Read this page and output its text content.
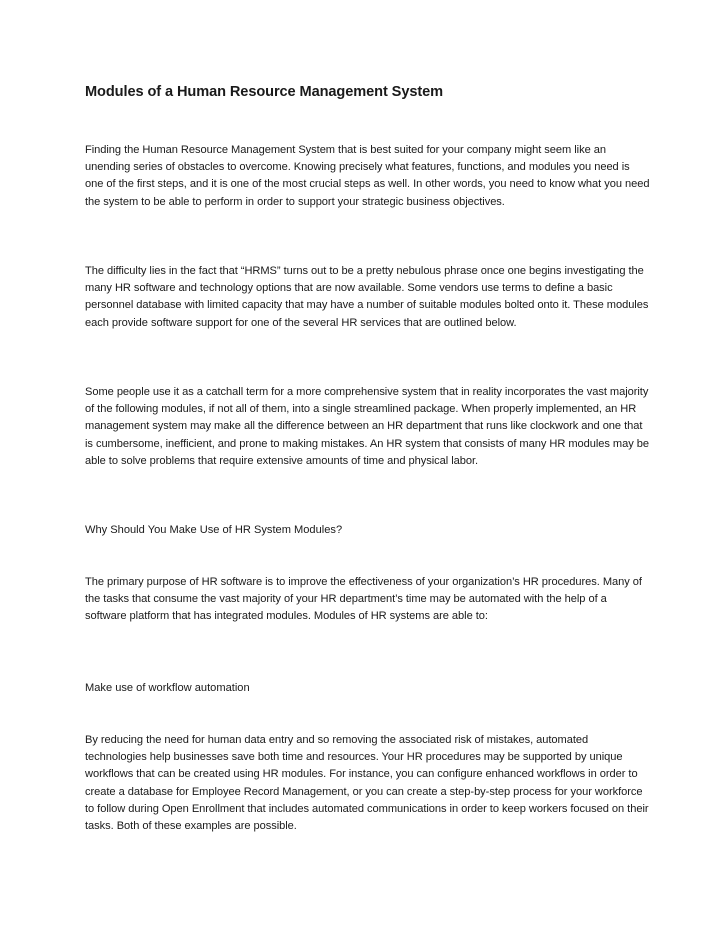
Modules of a Human Resource Management System

Finding the Human Resource Management System that is best suited for your company might seem like an unending series of obstacles to overcome. Knowing precisely what features, functions, and modules you need is one of the first steps, and it is one of the most crucial steps as well. In other words, you need to know what you need the system to be able to perform in order to support your strategic business objectives.

The difficulty lies in the fact that “HRMS” turns out to be a pretty nebulous phrase once one begins investigating the many HR software and technology options that are now available. Some vendors use terms to define a basic personnel database with limited capacity that may have a number of suitable modules bolted onto it. These modules each provide software support for one of the several HR services that are outlined below.

Some people use it as a catchall term for a more comprehensive system that in reality incorporates the vast majority of the following modules, if not all of them, into a single streamlined package. When properly implemented, an HR management system may make all the difference between an HR department that runs like clockwork and one that is cumbersome, inefficient, and prone to making mistakes. An HR system that consists of many HR modules may be able to solve problems that require extensive amounts of time and physical labor.

Why Should You Make Use of HR System Modules?

The primary purpose of HR software is to improve the effectiveness of your organization’s HR procedures. Many of the tasks that consume the vast majority of your HR department’s time may be automated with the help of a software platform that has integrated modules. Modules of HR systems are able to:

Make use of workflow automation

By reducing the need for human data entry and so removing the associated risk of mistakes, automated technologies help businesses save both time and resources. Your HR procedures may be supported by unique workflows that can be created using HR modules. For instance, you can configure enhanced workflows in order to create a database for Employee Record Management, or you can create a step-by-step process for your workforce to follow during Open Enrollment that includes automated communications in order to keep workers focused on their tasks. Both of these examples are possible.
